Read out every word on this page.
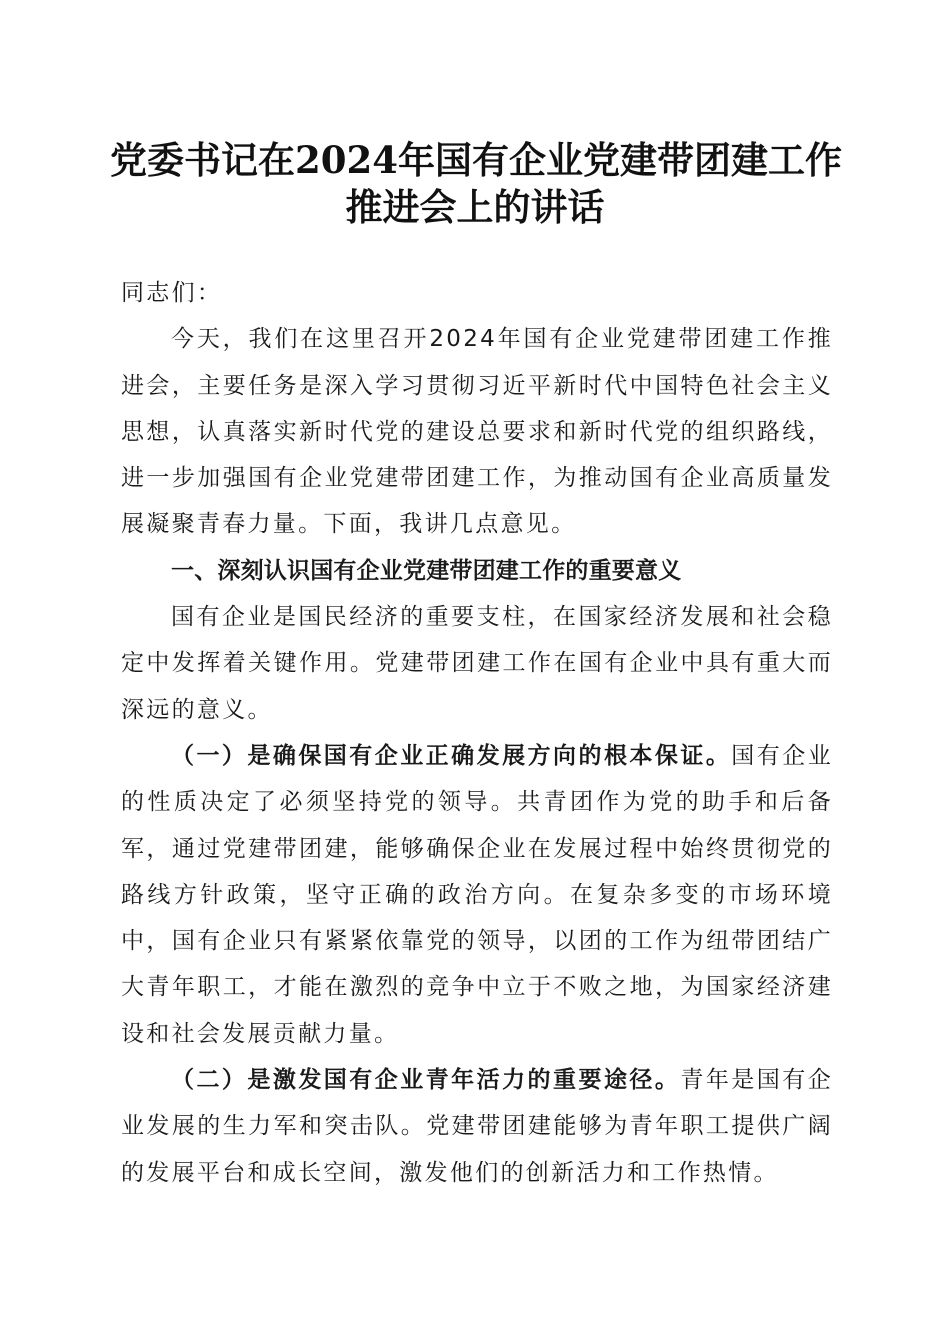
党委书记在2024年国有企业党建带团建工作
推进会上的讲话

同志们：

今天，我们在这里召开2024年国有企业党建带团建工作推进会，主要任务是深入学习贯彻习近平新时代中国特色社会主义思想，认真落实新时代党的建设总要求和新时代党的组织路线，进一步加强国有企业党建带团建工作，为推动国有企业高质量发展凝聚青春力量。下面，我讲几点意见。

一、深刻认识国有企业党建带团建工作的重要意义

国有企业是国民经济的重要支柱，在国家经济发展和社会稳定中发挥着关键作用。党建带团建工作在国有企业中具有重大而深远的意义。

（一）是确保国有企业正确发展方向的根本保证。国有企业的性质决定了必须坚持党的领导。共青团作为党的助手和后备军，通过党建带团建，能够确保企业在发展过程中始终贯彻党的路线方针政策，坚守正确的政治方向。在复杂多变的市场环境中，国有企业只有紧紧依靠党的领导，以团的工作为纽带团结广大青年职工，才能在激烈的竞争中立于不败之地，为国家经济建设和社会发展贡献力量。

（二）是激发国有企业青年活力的重要途径。青年是国有企业发展的生力军和突击队。党建带团建能够为青年职工提供广阔的发展平台和成长空间，激发他们的创新活力和工作热情。
